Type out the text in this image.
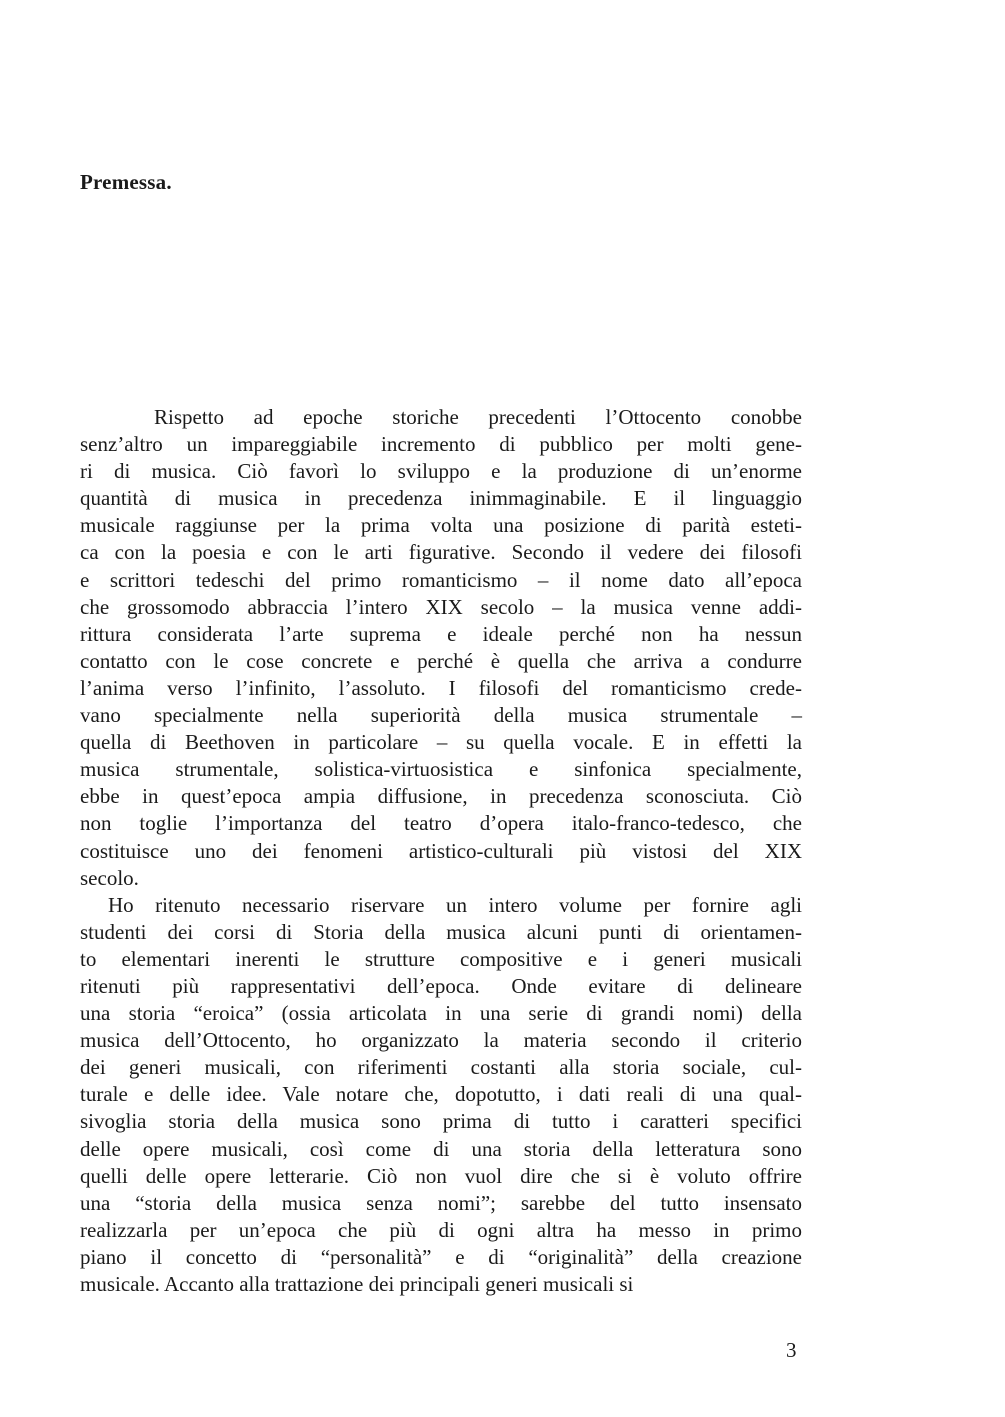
Premessa.

Rispetto ad epoche storiche precedenti l’Ottocento conobbe
senz’altro un impareggiabile incremento di pubblico per molti gene-
ri di musica. Ciò favorì lo sviluppo e la produzione di un’enorme
quantità di musica in precedenza inimmaginabile. E il linguaggio
musicale raggiunse per la prima volta una posizione di parità esteti-
ca con la poesia e con le arti figurative. Secondo il vedere dei filosofi
e scrittori tedeschi del primo romanticismo – il nome dato all’epoca
che grossomodo abbraccia l’intero XIX secolo – la musica venne addi-
rittura considerata l’arte suprema e ideale perché non ha nessun
contatto con le cose concrete e perché è quella che arriva a condurre
l’anima verso l’infinito, l’assoluto. I filosofi del romanticismo crede-
vano specialmente nella superiorità della musica strumentale –
quella di Beethoven in particolare – su quella vocale. E in effetti la
musica strumentale, solistica-virtuosistica e sinfonica specialmente,
ebbe in quest’epoca ampia diffusione, in precedenza sconosciuta. Ciò
non toglie l’importanza del teatro d’opera italo-franco-tedesco, che
costituisce uno dei fenomeni artistico-culturali più vistosi del XIX
secolo.

Ho ritenuto necessario riservare un intero volume per fornire agli
studenti dei corsi di Storia della musica alcuni punti di orientamen-
to elementari inerenti le strutture compositive e i generi musicali
ritenuti più rappresentativi dell’epoca. Onde evitare di delineare
una storia “eroica” (ossia articolata in una serie di grandi nomi) della
musica dell’Ottocento, ho organizzato la materia secondo il criterio
dei generi musicali, con riferimenti costanti alla storia sociale, cul-
turale e delle idee. Vale notare che, dopotutto, i dati reali di una qual-
sivoglia storia della musica sono prima di tutto i caratteri specifici
delle opere musicali, così come di una storia della letteratura sono
quelli delle opere letterarie. Ciò non vuol dire che si è voluto offrire
una “storia della musica senza nomi”; sarebbe del tutto insensato
realizzarla per un’epoca che più di ogni altra ha messo in primo
piano il concetto di “personalità” e di “originalità” della creazione
musicale. Accanto alla trattazione dei principali generi musicali si

3
